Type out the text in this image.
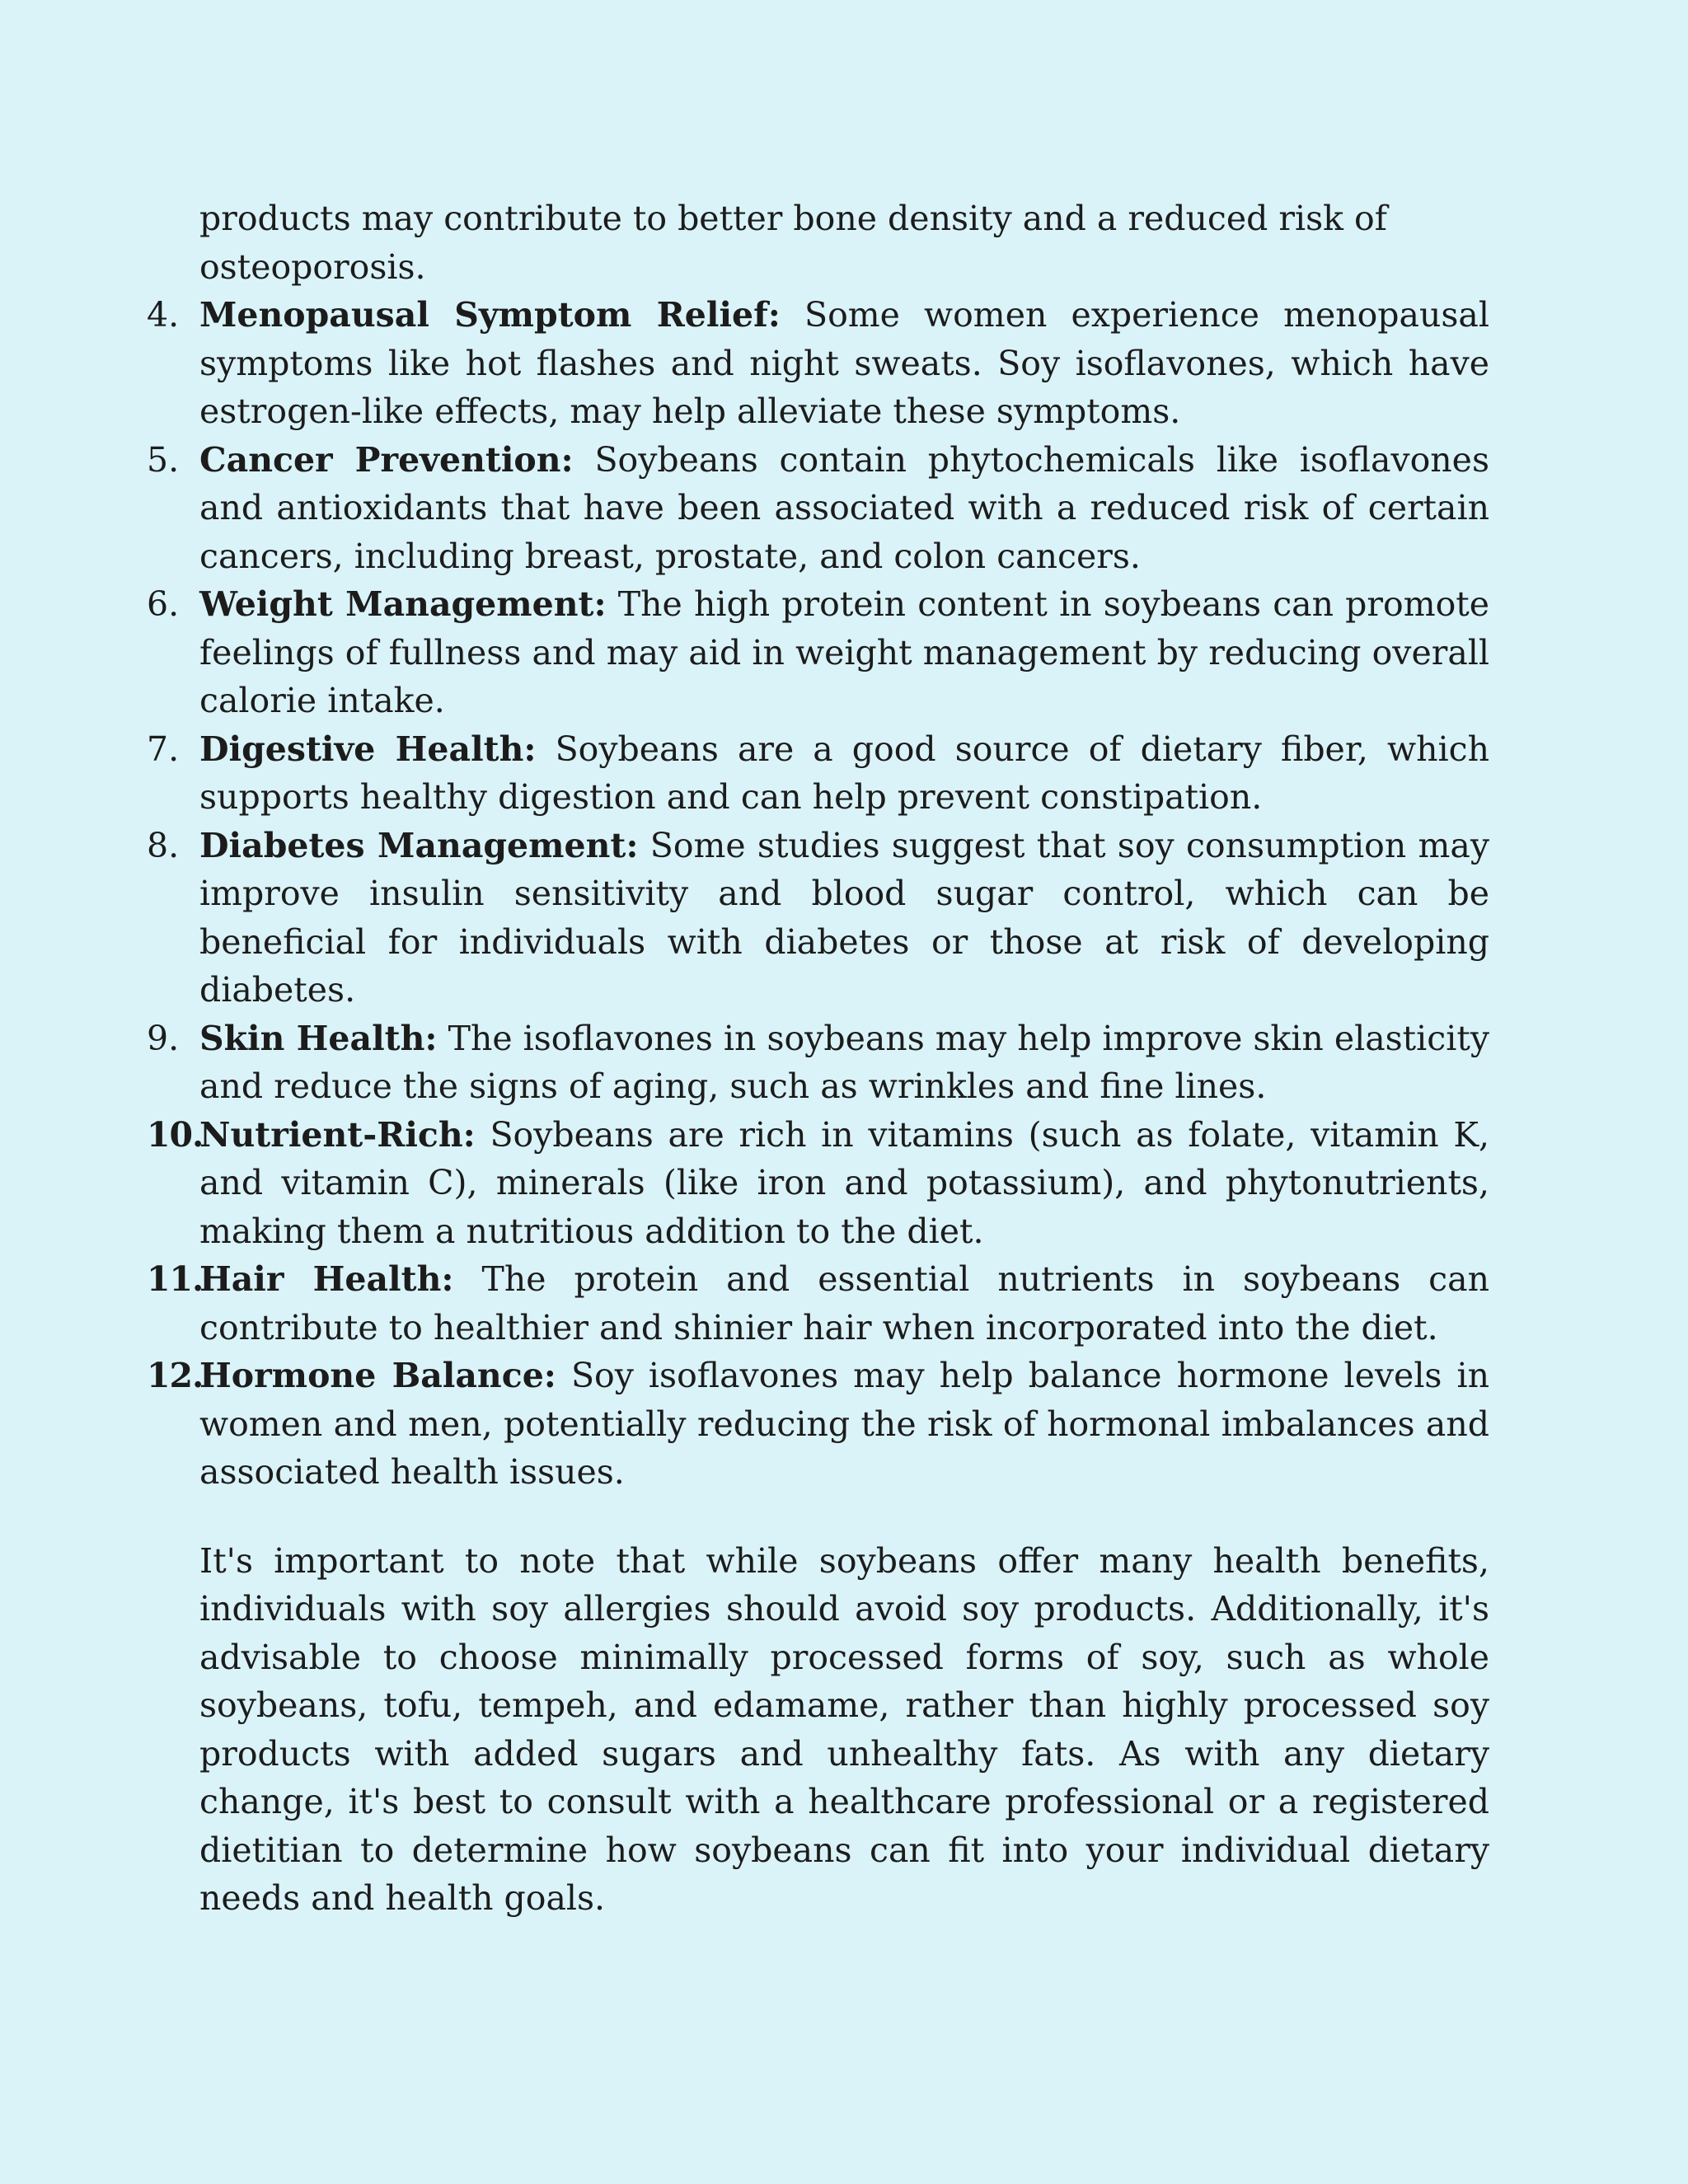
products may contribute to better bone density and a reduced risk of osteoporosis.

4. Menopausal Symptom Relief: Some women experience menopausal symptoms like hot flashes and night sweats. Soy isoflavones, which have estrogen-like effects, may help alleviate these symptoms.
5. Cancer Prevention: Soybeans contain phytochemicals like isoflavones and antioxidants that have been associated with a reduced risk of certain cancers, including breast, prostate, and colon cancers.
6. Weight Management: The high protein content in soybeans can promote feelings of fullness and may aid in weight management by reducing overall calorie intake.
7. Digestive Health: Soybeans are a good source of dietary fiber, which supports healthy digestion and can help prevent constipation.
8. Diabetes Management: Some studies suggest that soy consumption may improve insulin sensitivity and blood sugar control, which can be beneficial for individuals with diabetes or those at risk of developing diabetes.
9. Skin Health: The isoflavones in soybeans may help improve skin elasticity and reduce the signs of aging, such as wrinkles and fine lines.
10.
Nutrient-Rich: Soybeans are rich in vitamins (such as folate, vitamin K, and vitamin C), minerals (like iron and potassium), and phytonutrients, making them a nutritious addition to the diet.
11.
Hair Health: The protein and essential nutrients in soybeans can contribute to healthier and shinier hair when incorporated into the diet.
12.
Hormone Balance: Soy isoflavones may help balance hormone levels in women and men, potentially reducing the risk of hormonal imbalances and associated health issues.

It's important to note that while soybeans offer many health benefits, individuals with soy allergies should avoid soy products. Additionally, it's advisable to choose minimally processed forms of soy, such as whole soybeans, tofu, tempeh, and edamame, rather than highly processed soy products with added sugars and unhealthy fats. As with any dietary change, it's best to consult with a healthcare professional or a registered dietitian to determine how soybeans can fit into your individual dietary needs and health goals.
